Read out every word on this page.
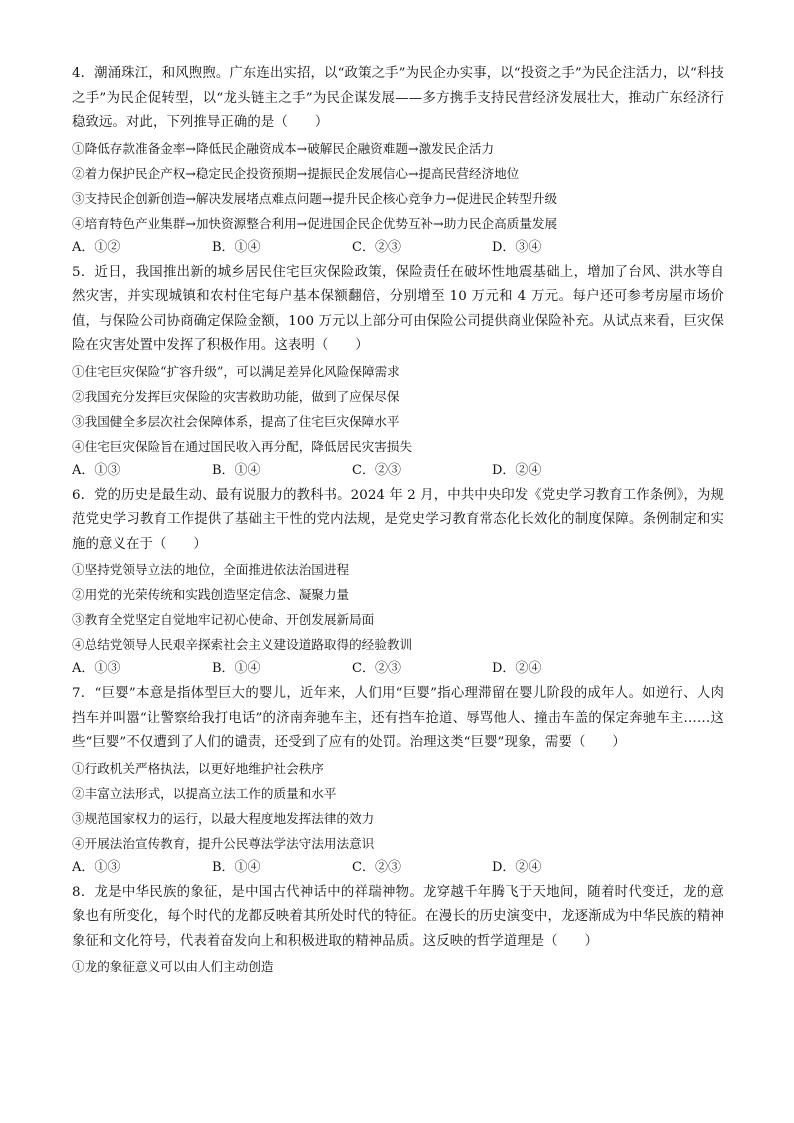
4．潮涌珠江，和风煦煦。广东连出实招，以“政策之手”为民企办实事，以“投资之手”为民企注活力，以“科技之手”为民企促转型，以“龙头链主之手”为民企谋发展——多方携手支持民营经济发展壮大，推动广东经济行稳致远。对此，下列推导正确的是（　　）

①降低存款准备金率→降低民企融资成本→破解民企融资难题→激发民企活力

②着力保护民企产权→稳定民企投资预期→提振民企发展信心→提高民营经济地位

③支持民企创新创造→解决发展堵点难点问题→提升民企核心竞争力→促进民企转型升级

④培育特色产业集群→加快资源整合利用→促进国企民企优势互补→助力民企高质量发展

A．①②	B．①④	C．②③	D．③④

5．近日，我国推出新的城乡居民住宅巨灾保险政策，保险责任在破坏性地震基础上，增加了台风、洪水等自然灾害，并实现城镇和农村住宅每户基本保额翻倍，分别增至 10 万元和 4 万元。每户还可参考房屋市场价值，与保险公司协商确定保险金额，100 万元以上部分可由保险公司提供商业保险补充。从试点来看，巨灾保险在灾害处置中发挥了积极作用。这表明（　　）

①住宅巨灾保险“扩容升级”，可以满足差异化风险保障需求

②我国充分发挥巨灾保险的灾害救助功能，做到了应保尽保

③我国健全多层次社会保障体系，提高了住宅巨灾保障水平

④住宅巨灾保险旨在通过国民收入再分配，降低居民灾害损失

A．①③	B．①④	C．②③	D．②④

6．党的历史是最生动、最有说服力的教科书。2024 年 2 月，中共中央印发《党史学习教育工作条例》，为规范党史学习教育工作提供了基础主干性的党内法规，是党史学习教育常态化长效化的制度保障。条例制定和实施的意义在于（　　）

①坚持党领导立法的地位，全面推进依法治国进程

②用党的光荣传统和实践创造坚定信念、凝聚力量

③教育全党坚定自觉地牢记初心使命、开创发展新局面

④总结党领导人民艰辛探索社会主义建设道路取得的经验教训

A．①③	B．①④	C．②③	D．②④

7．“巨婴”本意是指体型巨大的婴儿，近年来，人们用“巨婴”指心理滞留在婴儿阶段的成年人。如逆行、人肉挡车并叫嚣“让警察给我打电话”的济南奔驰车主，还有挡车抢道、辱骂他人、撞击车盖的保定奔驰车主……这些“巨婴”不仅遭到了人们的谴责，还受到了应有的处罚。治理这类“巨婴”现象，需要（　　）

①行政机关严格执法，以更好地维护社会秩序

②丰富立法形式，以提高立法工作的质量和水平

③规范国家权力的运行，以最大程度地发挥法律的效力

④开展法治宣传教育，提升公民尊法学法守法用法意识

A．①③	B．①④	C．②③	D．②④

8．龙是中华民族的象征，是中国古代神话中的祥瑞神物。龙穿越千年腾飞于天地间，随着时代变迁，龙的意象也有所变化，每个时代的龙都反映着其所处时代的特征。在漫长的历史演变中，龙逐渐成为中华民族的精神象征和文化符号，代表着奋发向上和积极进取的精神品质。这反映的哲学道理是（　　）

①龙的象征意义可以由人们主动创造
